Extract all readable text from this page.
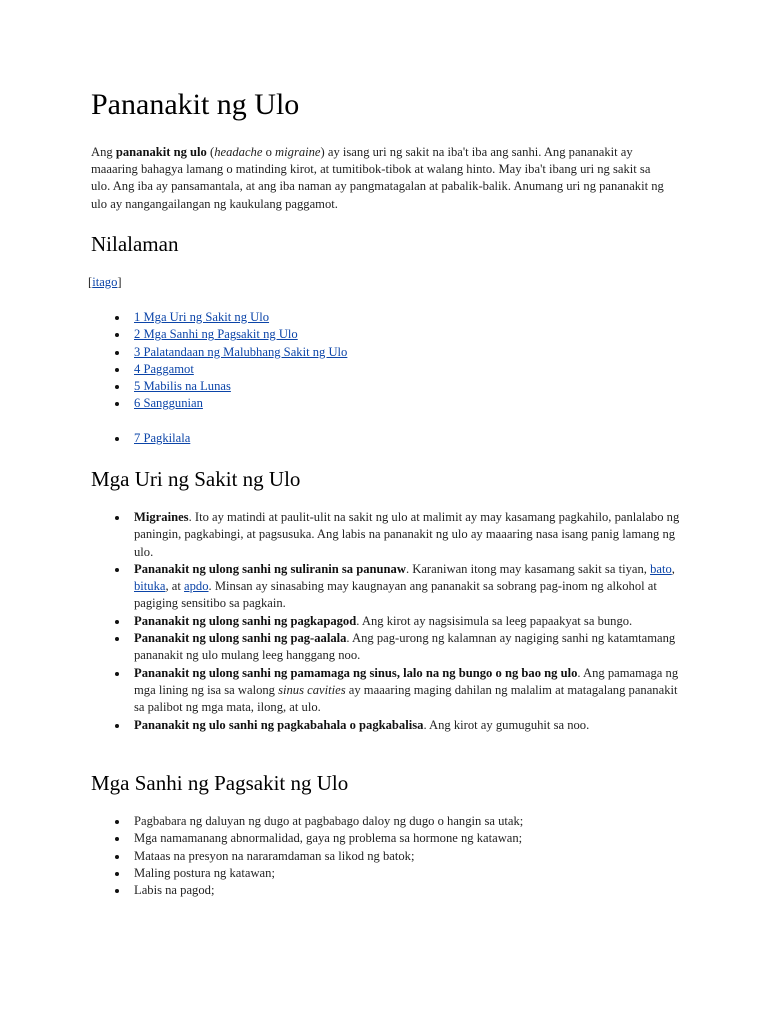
Pananakit ng Ulo

Ang pananakit ng ulo (headache o migraine) ay isang uri ng sakit na iba't iba ang sanhi. Ang pananakit ay maaaring bahagya lamang o matinding kirot, at tumitibok-tibok at walang hinto. May iba't ibang uri ng sakit sa ulo. Ang iba ay pansamantala, at ang iba naman ay pangmatagalan at pabalik-balik. Anumang uri ng pananakit ng ulo ay nangangailangan ng kaukulang paggamot.

Nilalaman
[itago]
1 Mga Uri ng Sakit ng Ulo
2 Mga Sanhi ng Pagsakit ng Ulo
3 Palatandaan ng Malubhang Sakit ng Ulo
4 Paggamot
5 Mabilis na Lunas
6 Sanggunian
7 Pagkilala
Mga Uri ng Sakit ng Ulo
Migraines. Ito ay matindi at paulit-ulit na sakit ng ulo at malimit ay may kasamang pagkahilo, panlalabo ng paningin, pagkabingi, at pagsusuka. Ang labis na pananakit ng ulo ay maaaring nasa isang panig lamang ng ulo.
Pananakit ng ulong sanhi ng suliranin sa panunaw. Karaniwan itong may kasamang sakit sa tiyan, bato, bituka, at apdo. Minsan ay sinasabing may kaugnayan ang pananakit sa sobrang pag-inom ng alkohol at pagiging sensitibo sa pagkain.
Pananakit ng ulong sanhi ng pagkapagod. Ang kirot ay nagsisimula sa leeg papaakyat sa bungo.
Pananakit ng ulong sanhi ng pag-aalala. Ang pag-urong ng kalamnan ay nagiging sanhi ng katamtamang pananakit ng ulo mulang leeg hanggang noo.
Pananakit ng ulong sanhi ng pamamaga ng sinus, lalo na ng bungo o ng bao ng ulo. Ang pamamaga ng mga lining ng isa sa walong sinus cavities ay maaaring maging dahilan ng malalim at matagalang pananakit sa palibot ng mga mata, ilong, at ulo.
Pananakit ng ulo sanhi ng pagkabahala o pagkabalisa. Ang kirot ay gumuguhit sa noo.
Mga Sanhi ng Pagsakit ng Ulo
Pagbabara ng daluyan ng dugo at pagbabago daloy ng dugo o hangin sa utak;
Mga namamanang abnormalidad, gaya ng problema sa hormone ng katawan;
Mataas na presyon na nararamdaman sa likod ng batok;
Maling postura ng katawan;
Labis na pagod;
